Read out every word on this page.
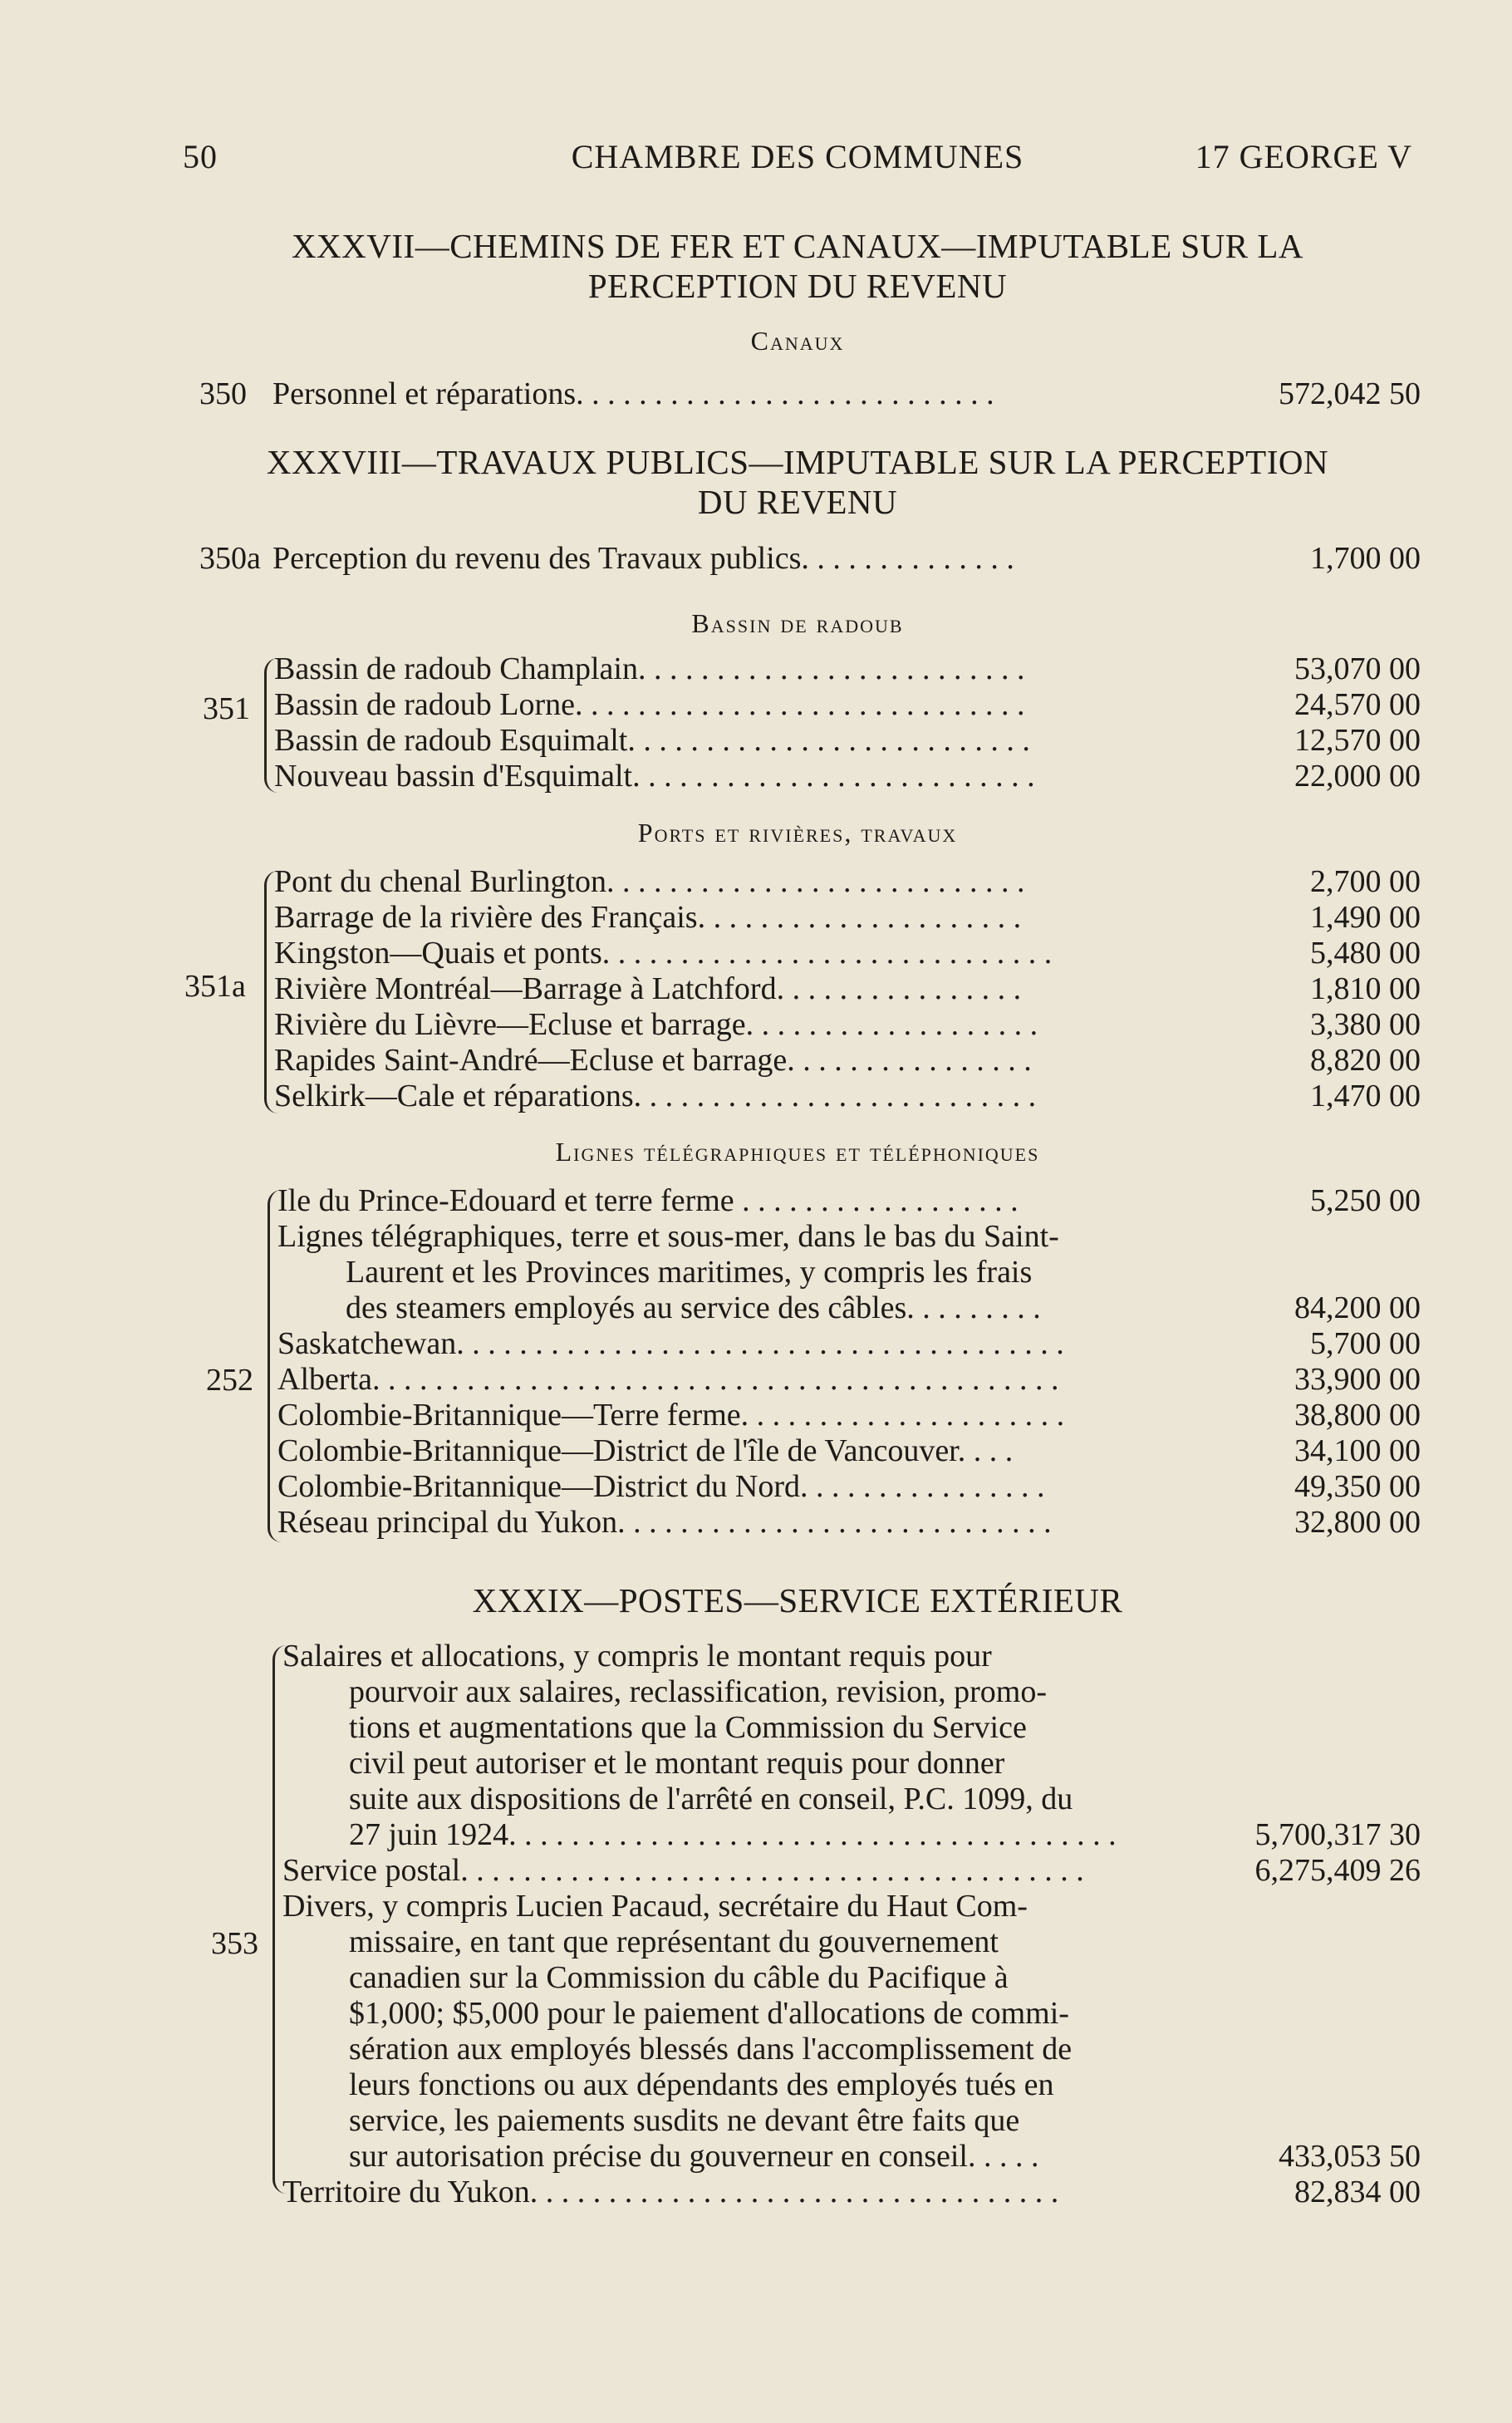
50	CHAMBRE DES COMMUNES	17 GEORGE V
XXXVII—CHEMINS DE FER ET CANAUX—IMPUTABLE SUR LA
PERCEPTION DU REVENU
Canaux
350 Personnel et réparations. . . . . . . . . . . . . . . . . . . . . . . . . . .	572,042 50
XXXVIII—TRAVAUX PUBLICS—IMPUTABLE SUR LA PERCEPTION
DU REVENU
350a Perception du revenu des Travaux publics. . . . . . . . . . . . . .	1,700 00
Bassin de radoub
351
Bassin de radoub Champlain. . . . . . . . . . . . . . . . . . . . . . . . .	53,070 00
Bassin de radoub Lorne. . . . . . . . . . . . . . . . . . . . . . . . . . . . .	24,570 00
Bassin de radoub Esquimalt. . . . . . . . . . . . . . . . . . . . . . . . . .	12,570 00
Nouveau bassin d'Esquimalt. . . . . . . . . . . . . . . . . . . . . . . . . .	22,000 00
Ports et rivières, travaux
351a
Pont du chenal Burlington. . . . . . . . . . . . . . . . . . . . . . . . . . .	2,700 00
Barrage de la rivière des Français. . . . . . . . . . . . . . . . . . . . .	1,490 00
Kingston—Quais et ponts. . . . . . . . . . . . . . . . . . . . . . . . . . . . .	5,480 00
Rivière Montréal—Barrage à Latchford. . . . . . . . . . . . . . . .	1,810 00
Rivière du Lièvre—Ecluse et barrage. . . . . . . . . . . . . . . . . . .	3,380 00
Rapides Saint-André—Ecluse et barrage. . . . . . . . . . . . . . . .	8,820 00
Selkirk—Cale et réparations. . . . . . . . . . . . . . . . . . . . . . . . . .	1,470 00
Lignes télégraphiques et téléphoniques
252
Ile du Prince-Edouard et terre ferme . . . . . . . . . . . . . . . . . .	5,250 00
Lignes télégraphiques, terre et sous-mer, dans le bas du Saint-
Laurent et les Provinces maritimes, y compris les frais
des steamers employés au service des câbles. . . . . . . . .	84,200 00
Saskatchewan. . . . . . . . . . . . . . . . . . . . . . . . . . . . . . . . . . . . . . .	5,700 00
Alberta. . . . . . . . . . . . . . . . . . . . . . . . . . . . . . . . . . . . . . . . . . . .	33,900 00
Colombie-Britannique—Terre ferme. . . . . . . . . . . . . . . . . . . . .	38,800 00
Colombie-Britannique—District de l'île de Vancouver. . . .	34,100 00
Colombie-Britannique—District du Nord. . . . . . . . . . . . . . . .	49,350 00
Réseau principal du Yukon. . . . . . . . . . . . . . . . . . . . . . . . . . . .	32,800 00
XXXIX—POSTES—SERVICE EXTÉRIEUR
353
Salaires et allocations, y compris le montant requis pour
pourvoir aux salaires, reclassification, revision, promo-
tions et augmentations que la Commission du Service
civil peut autoriser et le montant requis pour donner
suite aux dispositions de l'arrêté en conseil, P.C. 1099, du
27 juin 1924. . . . . . . . . . . . . . . . . . . . . . . . . . . . . . . . . . . . . . .	5,700,317 30
Service postal. . . . . . . . . . . . . . . . . . . . . . . . . . . . . . . . . . . . . . . .	6,275,409 26
Divers, y compris Lucien Pacaud, secrétaire du Haut Com-
missaire, en tant que représentant du gouvernement
canadien sur la Commission du câble du Pacifique à
$1,000; $5,000 pour le paiement d'allocations de commi-
sération aux employés blessés dans l'accomplissement de
leurs fonctions ou aux dépendants des employés tués en
service, les paiements susdits ne devant être faits que
sur autorisation précise du gouverneur en conseil. . . . .	433,053 50
Territoire du Yukon. . . . . . . . . . . . . . . . . . . . . . . . . . . . . . . . . .	82,834 00
